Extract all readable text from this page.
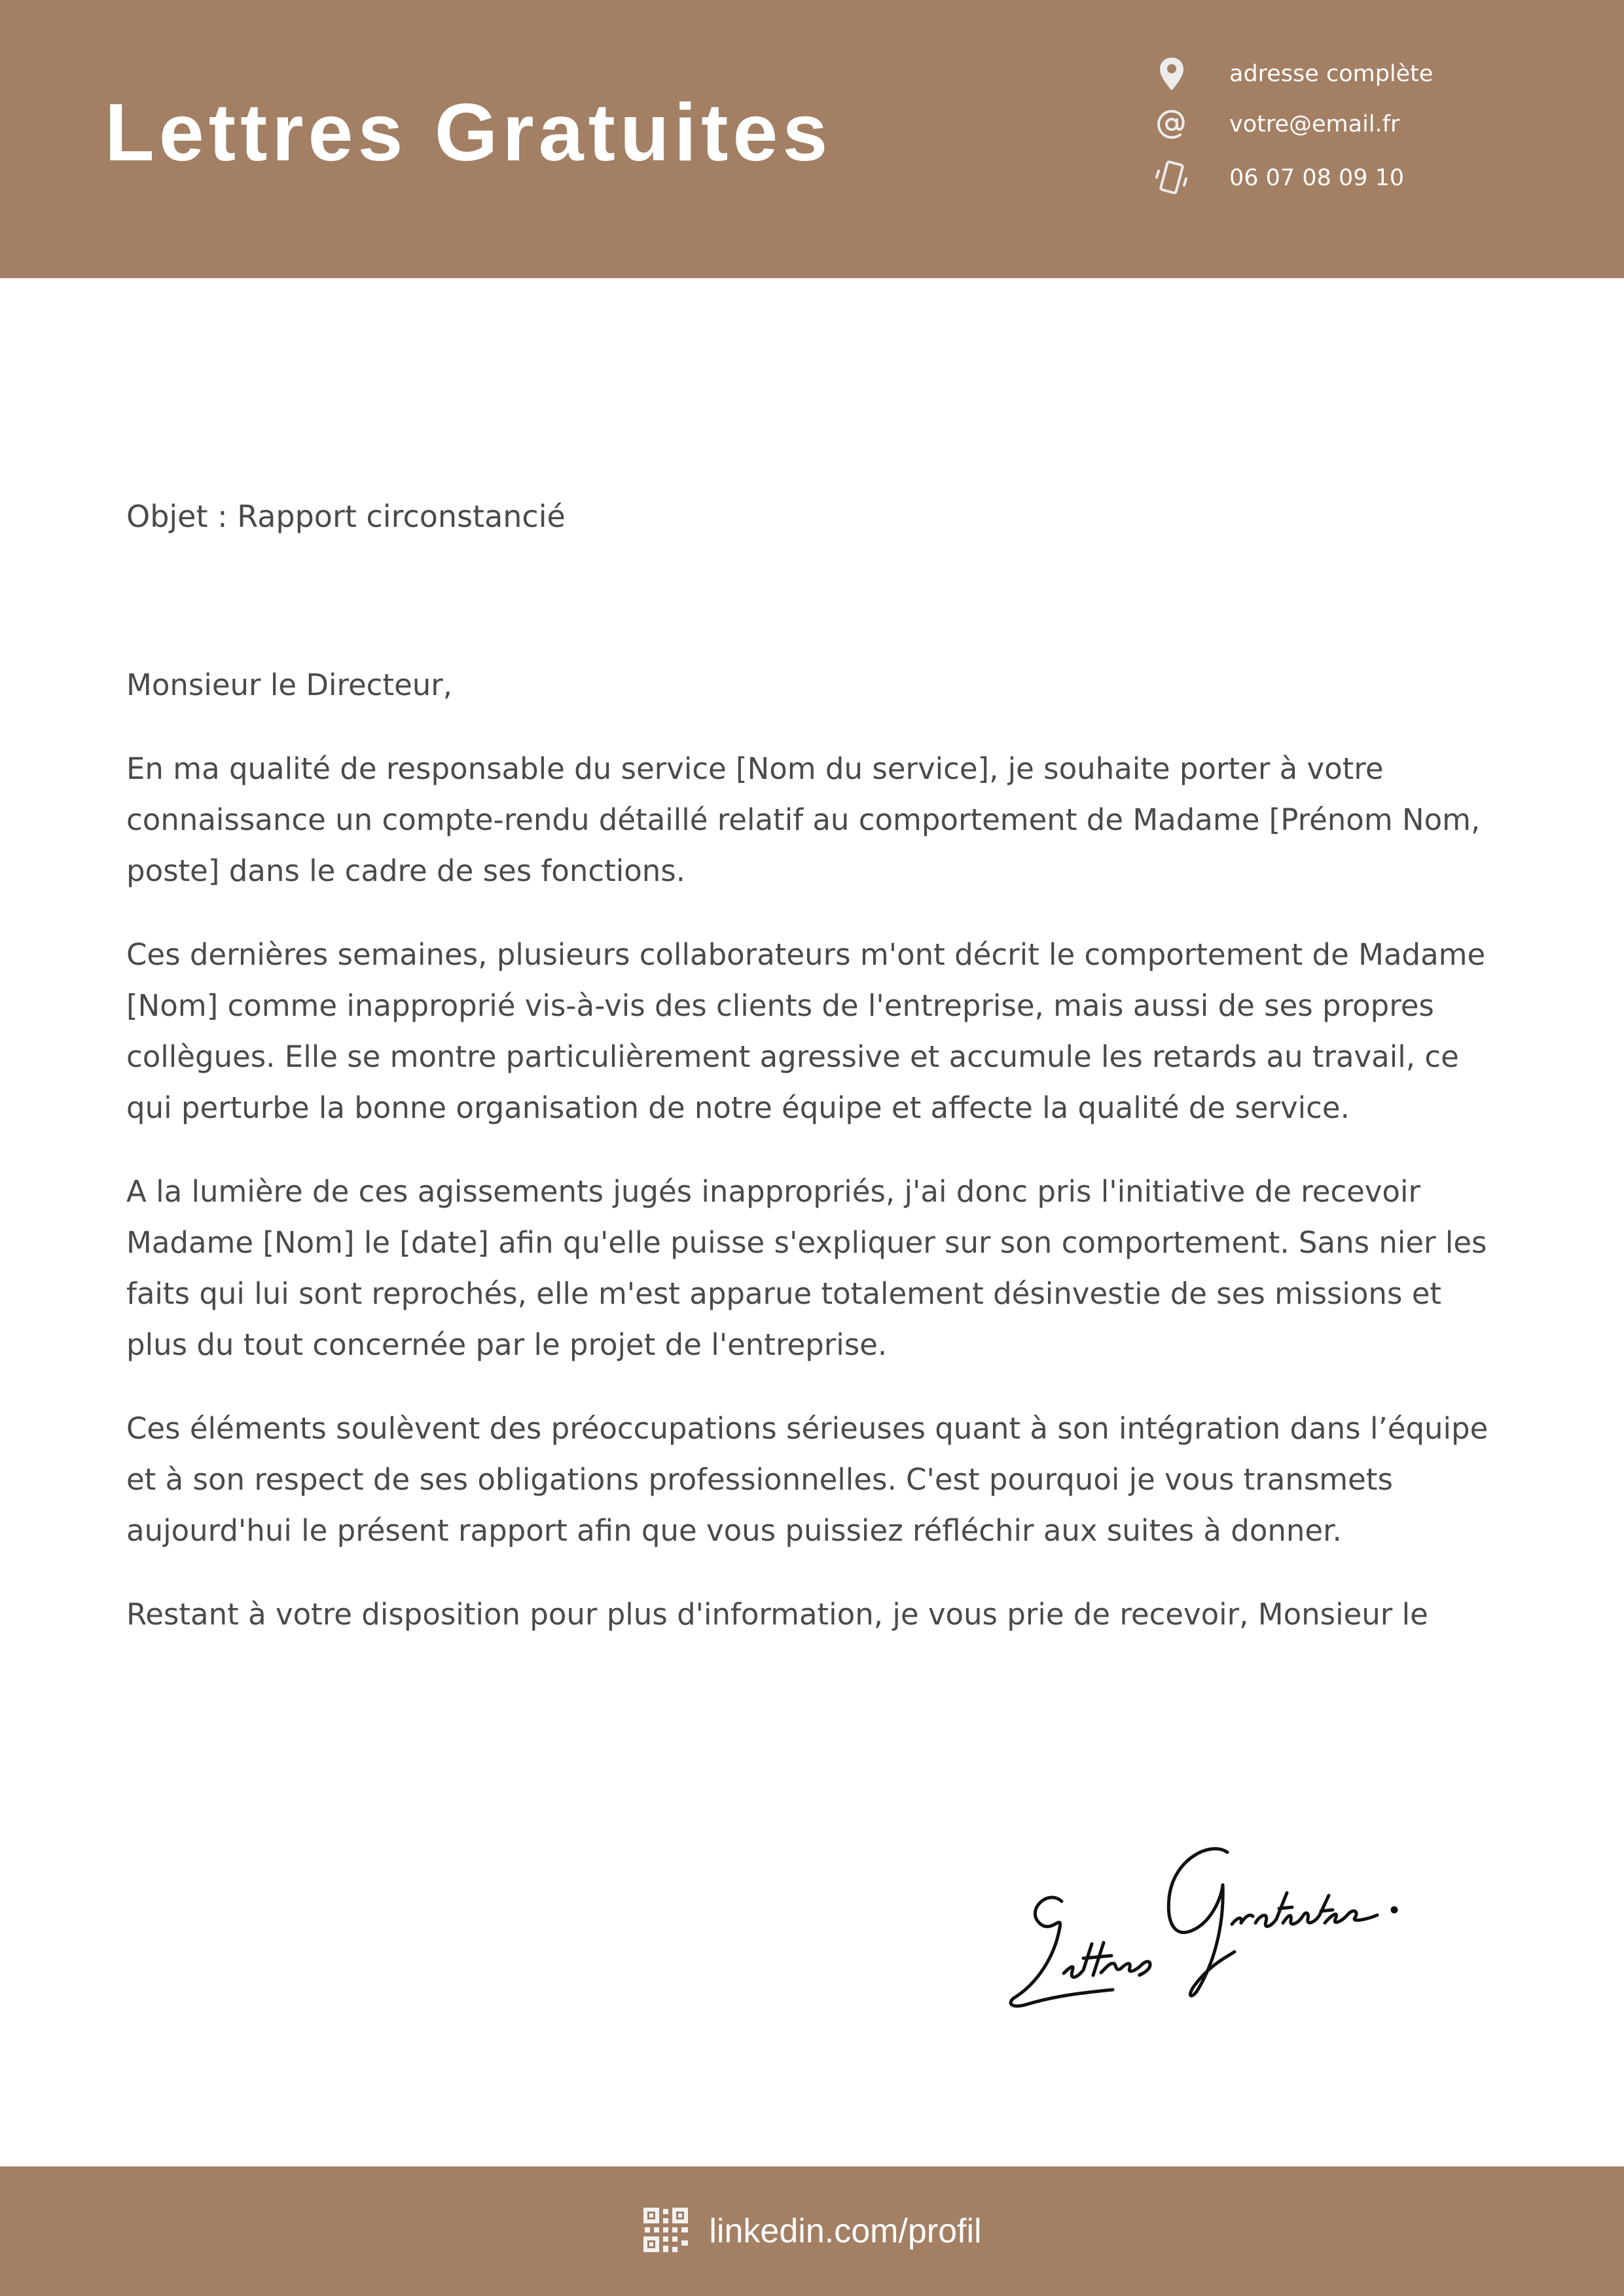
Lettres Gratuites
adresse complète
votre@email.fr
06 07 08 09 10

Objet : Rapport circonstancié

Monsieur le Directeur,

En ma qualité de responsable du service [Nom du service], je souhaite porter à votre connaissance un compte-rendu détaillé relatif au comportement de Madame [Prénom Nom, poste] dans le cadre de ses fonctions.

Ces dernières semaines, plusieurs collaborateurs m'ont décrit le comportement de Madame [Nom] comme inapproprié vis-à-vis des clients de l'entreprise, mais aussi de ses propres collègues. Elle se montre particulièrement agressive et accumule les retards au travail, ce qui perturbe la bonne organisation de notre équipe et affecte la qualité de service.

A la lumière de ces agissements jugés inappropriés, j'ai donc pris l'initiative de recevoir Madame [Nom] le [date] afin qu'elle puisse s'expliquer sur son comportement. Sans nier les faits qui lui sont reprochés, elle m'est apparue totalement désinvestie de ses missions et plus du tout concernée par le projet de l'entreprise.

Ces éléments soulèvent des préoccupations sérieuses quant à son intégration dans l’équipe et à son respect de ses obligations professionnelles. C'est pourquoi je vous transmets aujourd'hui le présent rapport afin que vous puissiez réfléchir aux suites à donner.

Restant à votre disposition pour plus d'information, je vous prie de recevoir, Monsieur le

linkedin.com/profil
